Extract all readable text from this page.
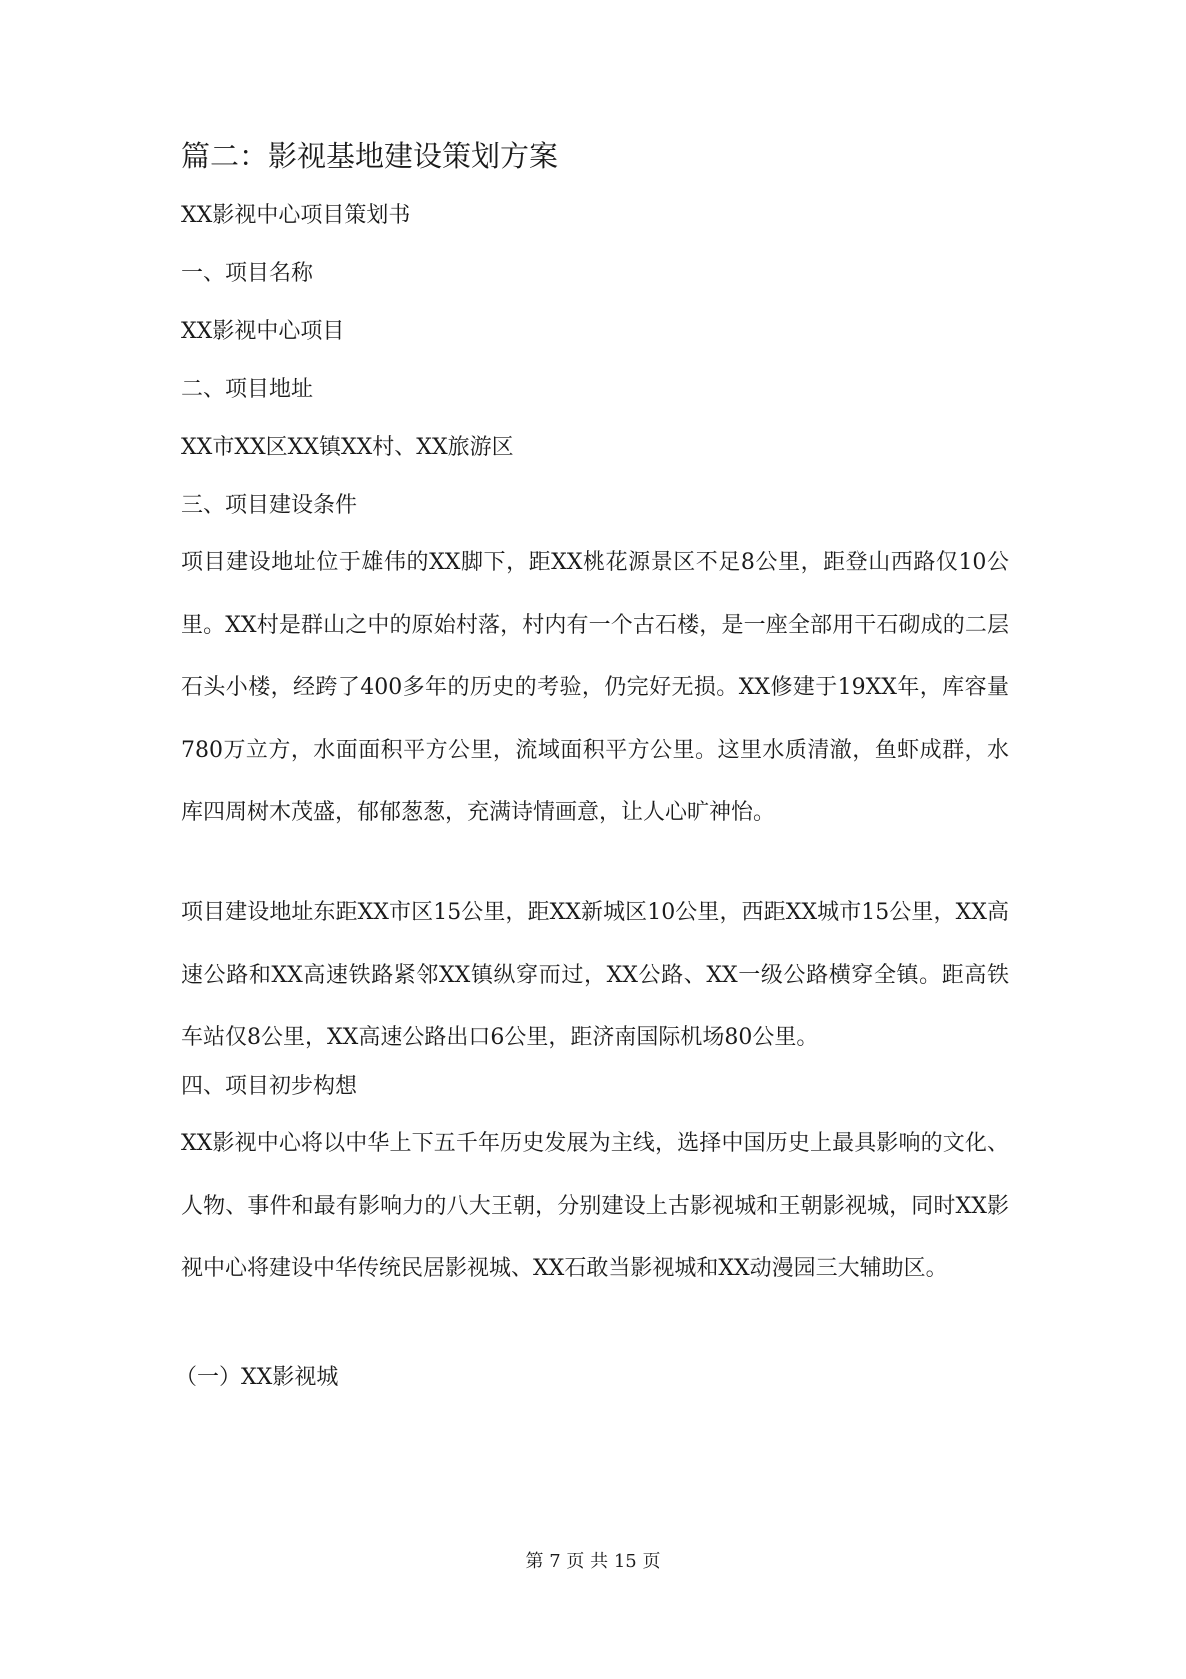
篇二：影视基地建设策划方案
XX影视中心项目策划书
一、项目名称
XX影视中心项目
二、项目地址
XX市XX区XX镇XX村、XX旅游区
三、项目建设条件
项目建设地址位于雄伟的XX脚下，距XX桃花源景区不足8公里，距登山西路仅10公里。XX村是群山之中的原始村落，村内有一个古石楼，是一座全部用干石砌成的二层石头小楼，经跨了400多年的历史的考验，仍完好无损。XX修建于19XX年，库容量780万立方，水面面积平方公里，流域面积平方公里。这里水质清澈，鱼虾成群，水库四周树木茂盛，郁郁葱葱，充满诗情画意，让人心旷神怡。
项目建设地址东距XX市区15公里，距XX新城区10公里，西距XX城市15公里，XX高速公路和XX高速铁路紧邻XX镇纵穿而过，XX公路、XX一级公路横穿全镇。距高铁车站仅8公里，XX高速公路出口6公里，距济南国际机场80公里。
四、项目初步构想
XX影视中心将以中华上下五千年历史发展为主线，选择中国历史上最具影响的文化、人物、事件和最有影响力的八大王朝，分别建设上古影视城和王朝影视城，同时XX影视中心将建设中华传统民居影视城、XX石敢当影视城和XX动漫园三大辅助区。
（一）XX影视城
第 7 页 共 15 页
